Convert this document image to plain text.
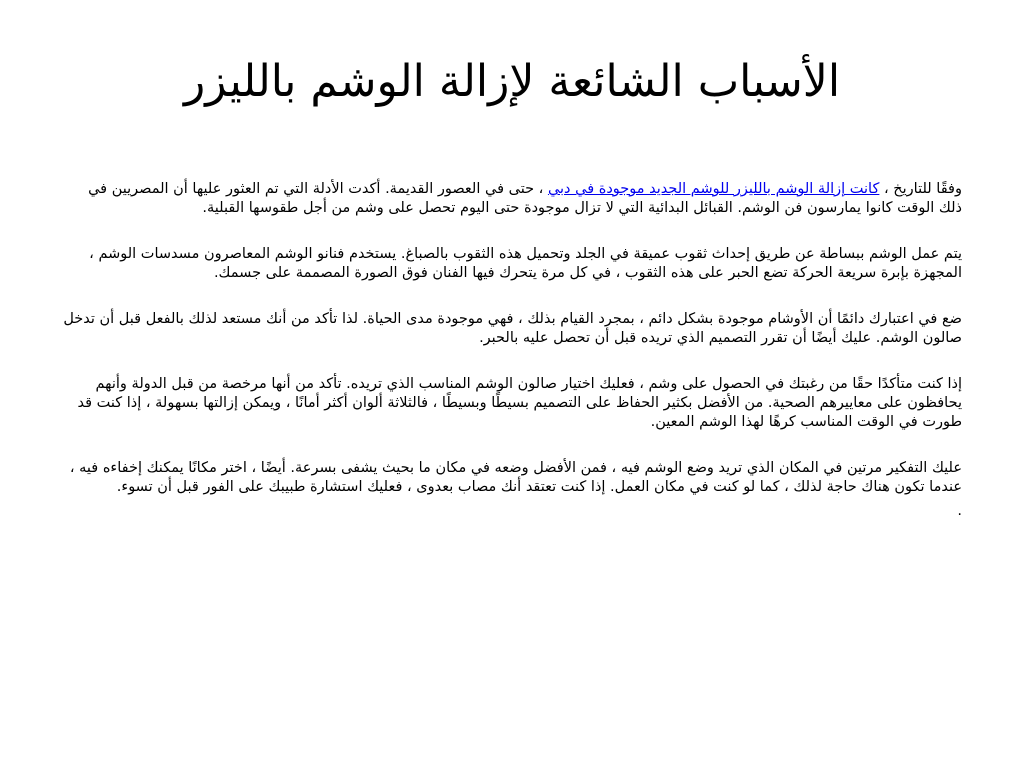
الأسباب الشائعة لإزالة الوشم بالليزر

وفقًا للتاريخ ، كانت إزالة الوشم بالليزر للوشم الجديد موجودة في دبي ، حتى في العصور القديمة. أكدت الأدلة التي تم العثور عليها أن المصريين في ذلك الوقت كانوا يمارسون فن الوشم. القبائل البدائية التي لا تزال موجودة حتى اليوم تحصل على وشم من أجل طقوسها القبلية.

يتم عمل الوشم ببساطة عن طريق إحداث ثقوب عميقة في الجلد وتحميل هذه الثقوب بالصباغ. يستخدم فنانو الوشم المعاصرون مسدسات الوشم ، المجهزة بإبرة سريعة الحركة تضع الحبر على هذه الثقوب ، في كل مرة يتحرك فيها الفنان فوق الصورة المصممة على جسمك.

ضع في اعتبارك دائمًا أن الأوشام موجودة بشكل دائم ، بمجرد القيام بذلك ، فهي موجودة مدى الحياة. لذا تأكد من أنك مستعد لذلك بالفعل قبل أن تدخل صالون الوشم. عليك أيضًا أن تقرر التصميم الذي تريده قبل أن تحصل عليه بالحبر.

إذا كنت متأكدًا حقًا من رغبتك في الحصول على وشم ، فعليك اختيار صالون الوشم المناسب الذي تريده. تأكد من أنها مرخصة من قبل الدولة وأنهم يحافظون على معاييرهم الصحية. من الأفضل بكثير الحفاظ على التصميم بسيطًا وبسيطًا ، فالثلاثة ألوان أكثر أمانًا ، ويمكن إزالتها بسهولة ، إذا كنت قد طورت في الوقت المناسب كرهًا لهذا الوشم المعين.

عليك التفكير مرتين في المكان الذي تريد وضع الوشم فيه ، فمن الأفضل وضعه في مكان ما بحيث يشفى بسرعة. أيضًا ، اختر مكانًا يمكنك إخفاءه فيه ، عندما تكون هناك حاجة لذلك ، كما لو كنت في مكان العمل. إذا كنت تعتقد أنك مصاب بعدوى ، فعليك استشارة طبيبك على الفور قبل أن تسوء.

.
